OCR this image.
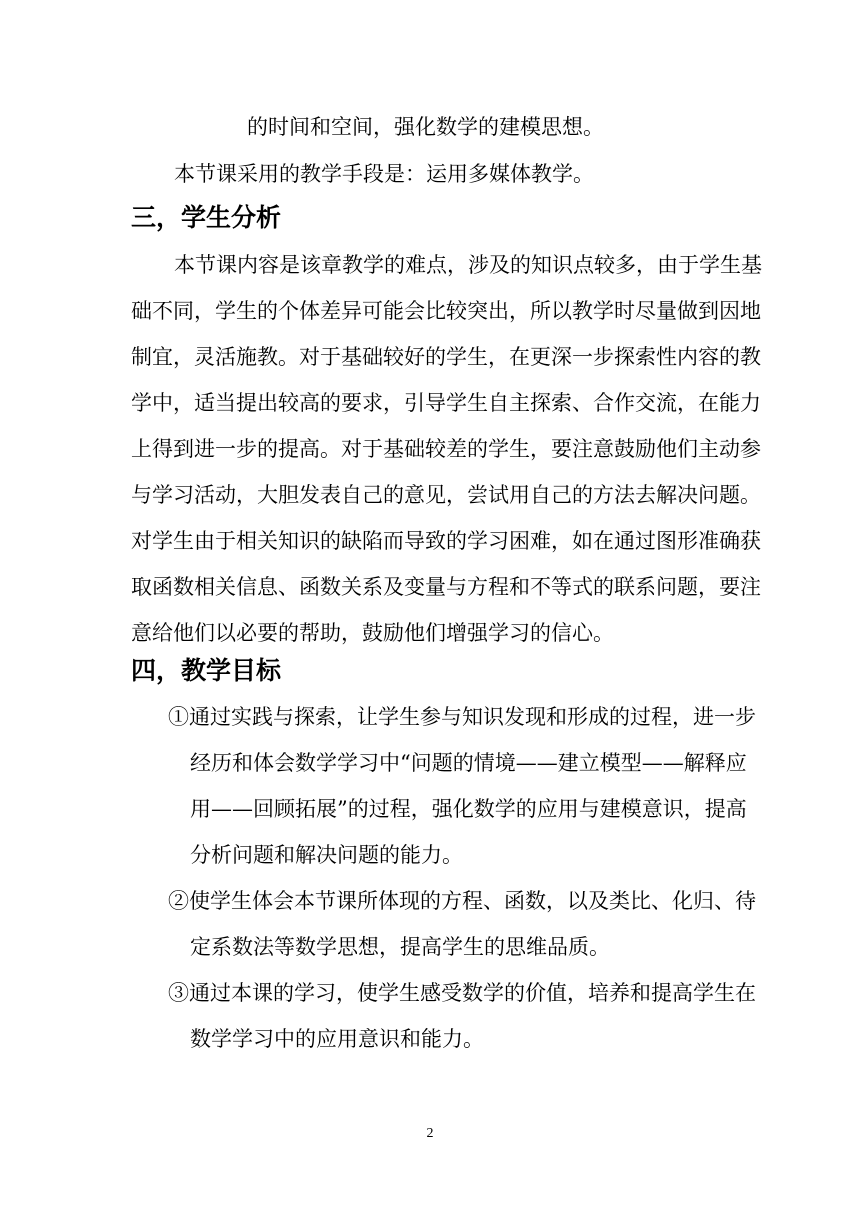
的时间和空间，强化数学的建模思想。
本节课采用的教学手段是：运用多媒体教学。
三，学生分析
本节课内容是该章教学的难点，涉及的知识点较多，由于学生基
础不同，学生的个体差异可能会比较突出，所以教学时尽量做到因地
制宜，灵活施教。对于基础较好的学生，在更深一步探索性内容的教
学中，适当提出较高的要求，引导学生自主探索、合作交流，在能力
上得到进一步的提高。对于基础较差的学生，要注意鼓励他们主动参
与学习活动，大胆发表自己的意见，尝试用自己的方法去解决问题。
对学生由于相关知识的缺陷而导致的学习困难，如在通过图形准确获
取函数相关信息、函数关系及变量与方程和不等式的联系问题，要注
意给他们以必要的帮助，鼓励他们增强学习的信心。
四，教学目标
①通过实践与探索，让学生参与知识发现和形成的过程，进一步
经历和体会数学学习中“问题的情境——建立模型——解释应
用——回顾拓展”的过程，强化数学的应用与建模意识，提高
分析问题和解决问题的能力。
②使学生体会本节课所体现的方程、函数，以及类比、化归、待
定系数法等数学思想，提高学生的思维品质。
③通过本课的学习，使学生感受数学的价值，培养和提高学生在
数学学习中的应用意识和能力。
2
